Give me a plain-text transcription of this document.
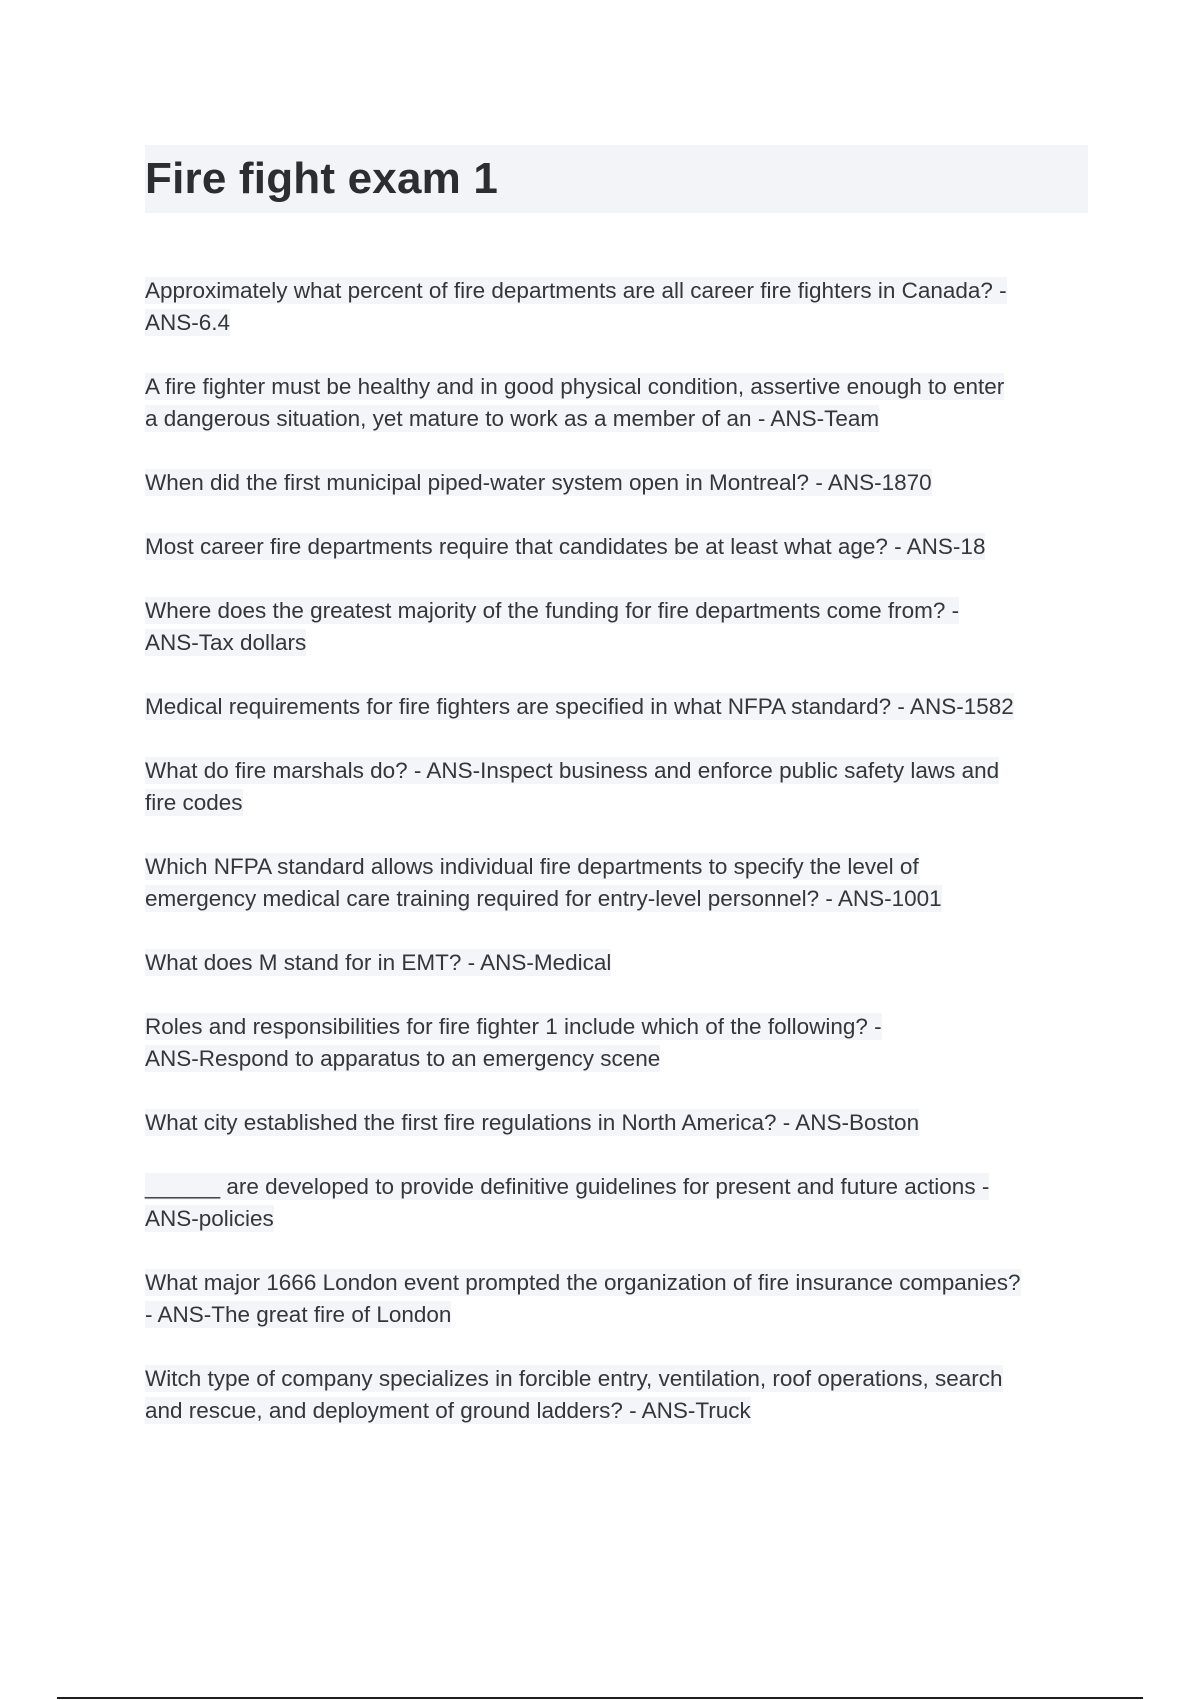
Fire fight exam 1
Approximately what percent of fire departments are all career fire fighters in Canada? -
ANS-6.4
A fire fighter must be healthy and in good physical condition, assertive enough to enter
a dangerous situation, yet mature to work as a member of an - ANS-Team
When did the first municipal piped-water system open in Montreal? - ANS-1870
Most career fire departments require that candidates be at least what age? - ANS-18
Where does the greatest majority of the funding for fire departments come from? -
ANS-Tax dollars
Medical requirements for fire fighters are specified in what NFPA standard? - ANS-1582
What do fire marshals do? - ANS-Inspect business and enforce public safety laws and
fire codes
Which NFPA standard allows individual fire departments to specify the level of
emergency medical care training required for entry-level personnel? - ANS-1001
What does M stand for in EMT? - ANS-Medical
Roles and responsibilities for fire fighter 1 include which of the following? -
ANS-Respond to apparatus to an emergency scene
What city established the first fire regulations in North America? - ANS-Boston
______ are developed to provide definitive guidelines for present and future actions -
ANS-policies
What major 1666 London event prompted the organization of fire insurance companies?
- ANS-The great fire of London
Witch type of company specializes in forcible entry, ventilation, roof operations, search
and rescue, and deployment of ground ladders? - ANS-Truck
